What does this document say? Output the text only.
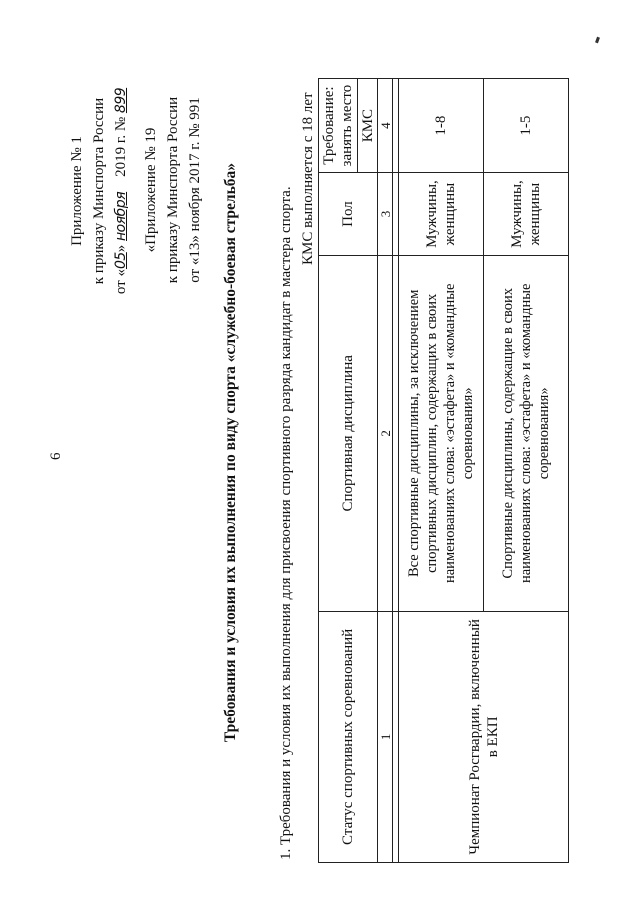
6
Приложение № 1 к приказу Минспорта России от «05» ноября    2019 г. № 899
«Приложение № 19 к приказу Минспорта России от «13» ноября 2017 г. № 991 Требования и условия их выполнения по виду спорта «служебно-боевая стрельба»	1. Требования и условия их выполнения для присвоения спортивного разряда кандидат в мастера спорта.
КМС выполняется с 18 лет
Статус спортивных соревнований	Спортивная дисциплина	Пол	Требование: занять место
			КМС
1	2	3	4

Чемпионат Росгвардии, включенный в ЕКП	Все спортивные дисциплины, за исключением спортивных дисциплин, содержащих в своих наименованиях слова: «эстафета» и «командные соревнования»	Мужчины, женщины	1-8
	Спортивные дисциплины, содержащие в своих наименованиях слова: «эстафета» и «командные соревнования»	Мужчины, женщины	1-5
